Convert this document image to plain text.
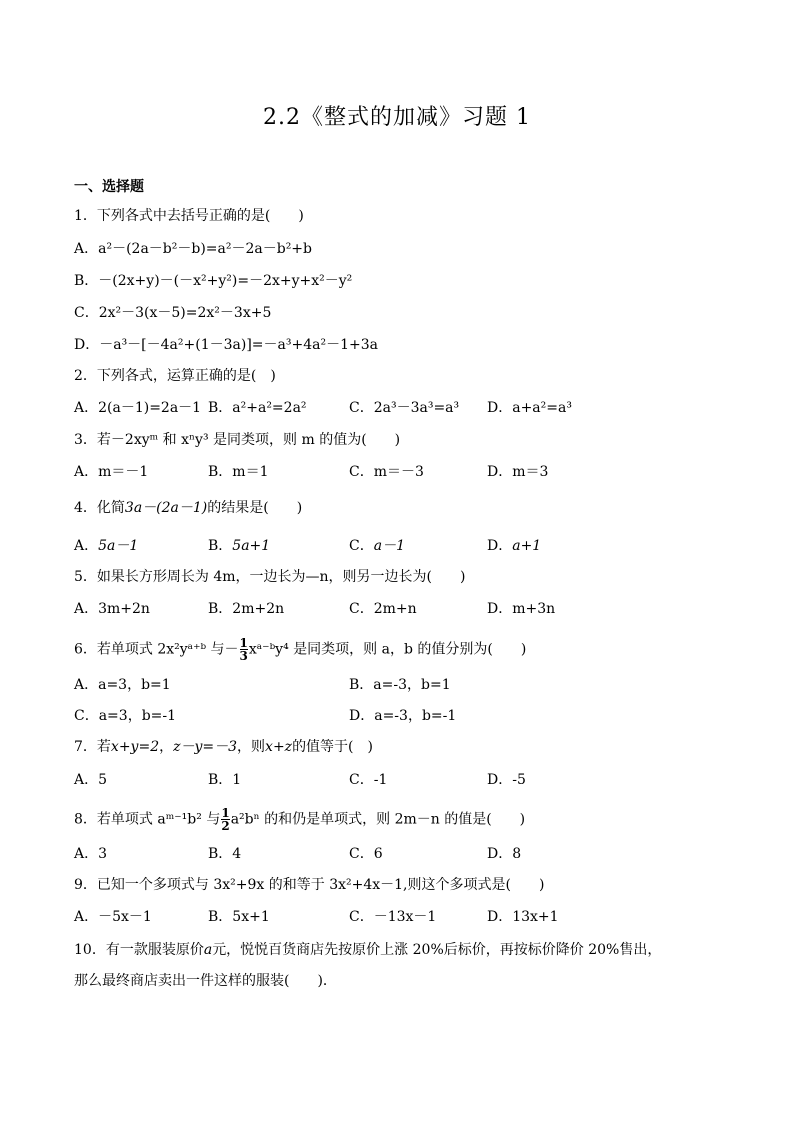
2.2《整式的加减》习题 1
一、选择题
1．下列各式中去括号正确的是(　　)
A．a²－(2a－b²－b)=a²－2a－b²+b
B．－(2x+y)－(－x²+y²)=－2x+y+x²－y²
C．2x²－3(x－5)=2x²－3x+5
D．－a³－[－4a²+(1－3a)]=－a³+4a²－1+3a
2．下列各式，运算正确的是(　)
A．2(a－1)=2a－1 B．a²+a²=2a²	C．2a³－3a³=a³ D．a+a²=a³
3．若－2xyᵐ 和 xⁿy³ 是同类项，则 m 的值为(　　)
A．m＝－1	B．m＝1	C．m＝－3	D．m＝3
4．化简3a－(2a－1)的结果是(　　)
A．5a－1	B．5a+1	C．a－1	D．a+1
5．如果长方形周长为 4m，一边长为—n，则另一边长为(　　)
A．3m+2n	B．2m+2n	C．2m+n	D．m+3n
6．若单项式 2x²yᵃ⁺ᵇ 与－ $\frac{1}{3}$ xᵃ⁻ᵇy⁴ 是同类项，则 a，b 的值分别为(　　)
A．a=3，b=1	B．a=-3，b=1
C．a=3，b=-1	D．a=-3，b=-1
7．若x+y=2，z－y=－3，则x+z的值等于(　)
A．5	B．1	C．-1	D．-5
8．若单项式 aᵐ⁻¹b² 与 $\frac{1}{2} a^2b^n$ 的和仍是单项式，则 2m－n 的值是(　　)
A．3	B．4	C．6	D．8
9．已知一个多项式与 3x²+9x 的和等于 3x²+4x－1,则这个多项式是(　　)
A．－5x－1	B．5x+1	C．－13x－1	D．13x+1
10．有一款服装原价a元，悦悦百货商店先按原价上涨 20%后标价，再按标价降价 20%售出，
那么最终商店卖出一件这样的服装(　　)．
